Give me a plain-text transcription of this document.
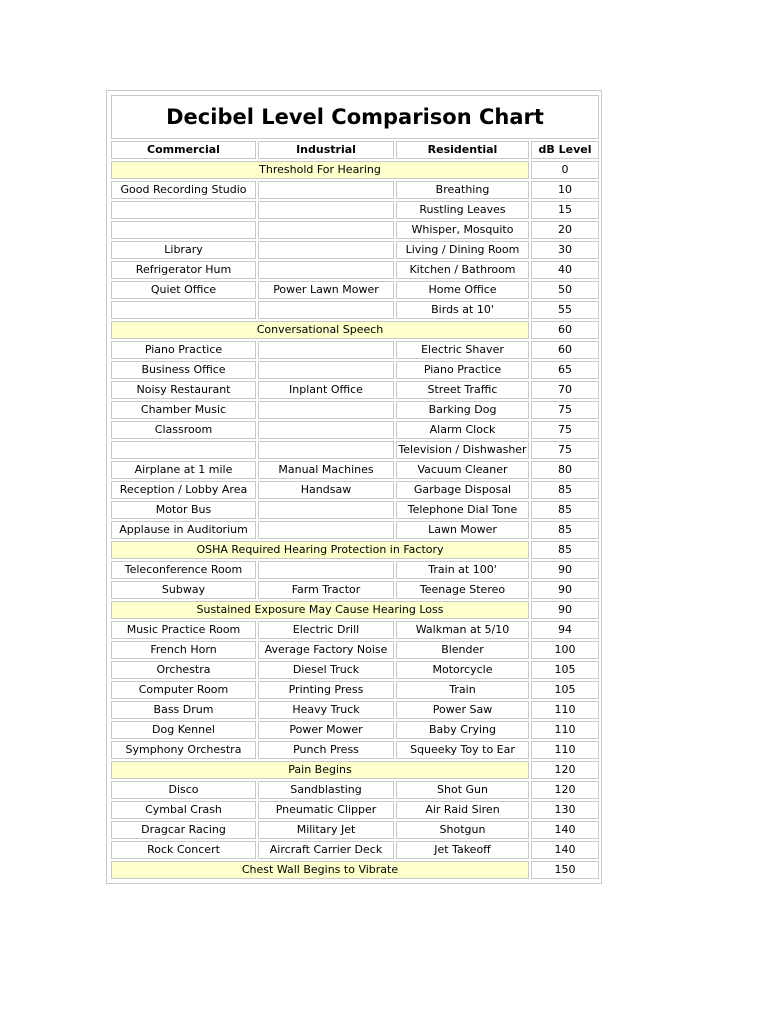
Decibel Level Comparison Chart			
Commercial	Industrial	Residential	dB Level
Threshold For Hearing			0
Good Recording Studio		Breathing	10
		Rustling Leaves	15
		Whisper, Mosquito	20
Library		Living / Dining Room	30
Refrigerator Hum		Kitchen / Bathroom	40
Quiet Office	Power Lawn Mower	Home Office	50
		Birds at 10'	55
Conversational Speech			60
Piano Practice		Electric Shaver	60
Business Office		Piano Practice	65
Noisy Restaurant	Inplant Office	Street Traffic	70
Chamber Music		Barking Dog	75
Classroom		Alarm Clock	75
		Television / Dishwasher	75
Airplane at 1 mile	Manual Machines	Vacuum Cleaner	80
Reception / Lobby Area	Handsaw	Garbage Disposal	85
Motor Bus		Telephone Dial Tone	85
Applause in Auditorium		Lawn Mower	85
OSHA Required Hearing Protection in Factory			85
Teleconference Room		Train at 100'	90
Subway	Farm Tractor	Teenage Stereo	90
Sustained Exposure May Cause Hearing Loss			90
Music Practice Room	Electric Drill	Walkman at 5/10	94
French Horn	Average Factory Noise	Blender	100
Orchestra	Diesel Truck	Motorcycle	105
Computer Room	Printing Press	Train	105
Bass Drum	Heavy Truck	Power Saw	110
Dog Kennel	Power Mower	Baby Crying	110
Symphony Orchestra	Punch Press	Squeeky Toy to Ear	110
Pain Begins			120
Disco	Sandblasting	Shot Gun	120
Cymbal Crash	Pneumatic Clipper	Air Raid Siren	130
Dragcar Racing	Military Jet	Shotgun	140
Rock Concert	Aircraft Carrier Deck	Jet Takeoff	140
Chest Wall Begins to Vibrate			150
